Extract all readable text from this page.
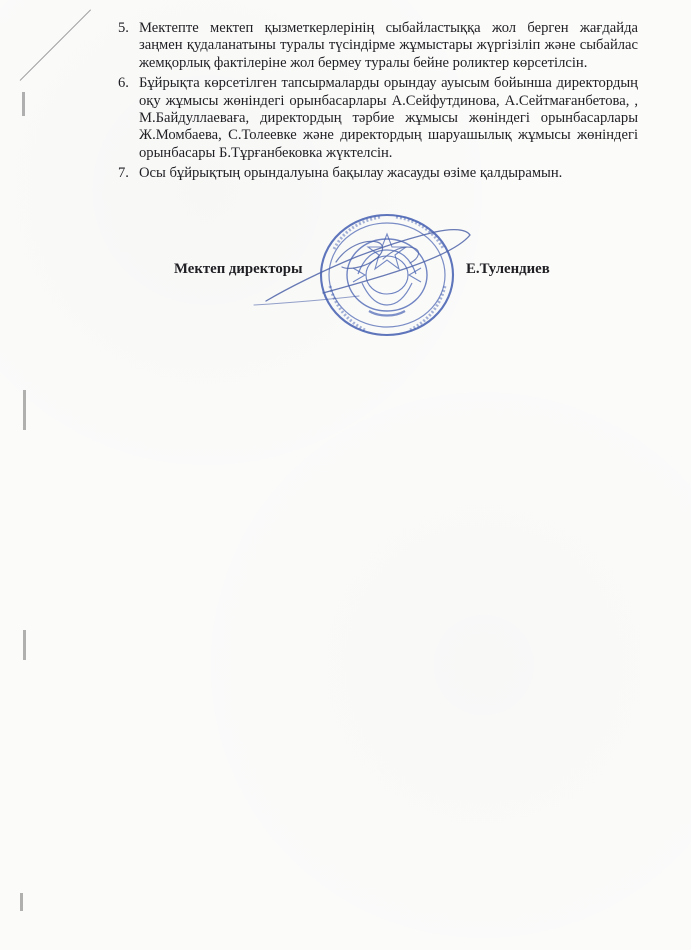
5. Мектепте мектеп қызметкерлерінің сыбайластыққа жол берген жағдайда заңмен қудаланатыны туралы түсіндірме жұмыстары жүргізіліп және сыбайлас жемқорлық фактілеріне жол бермеу туралы бейне роликтер көрсетілсін.
6. Бұйрықта көрсетілген тапсырмаларды орындау ауысым бойынша директордың оқу жұмысы жөніндегі орынбасарлары А.Сейфутдинова, А.Сейтмағанбетова, , М.Байдуллаеваға, директордың тәрбие жұмысы жөніндегі орынбасарлары Ж.Момбаева, С.Толеевке және директордың шаруашылық жұмысы жөніндегі орынбасары Б.Тұрғанбековка жүктелсін.
7. Осы бұйрықтың орындалуына бақылау жасауды өзіме қалдырамын.
Мектеп директоры	Е.Тулендиев
